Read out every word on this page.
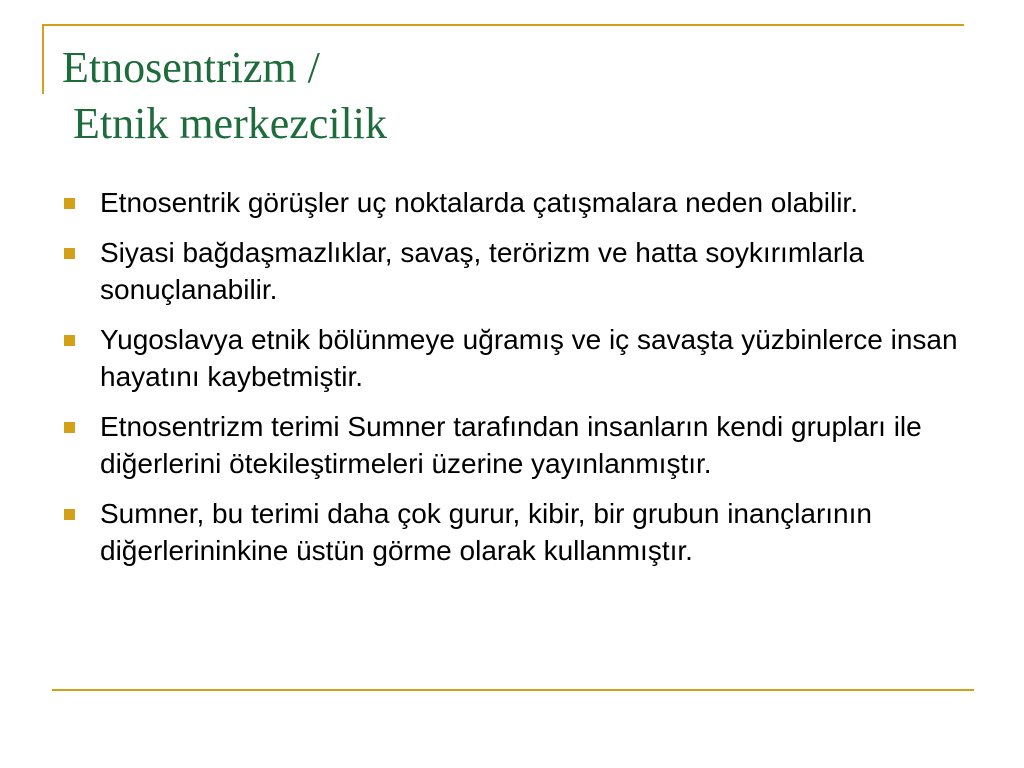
Etnosentrizm /
Etnik merkezcilik
Etnosentrik görüşler uç noktalarda çatışmalara neden olabilir.
Siyasi bağdaşmazlıklar, savaş, terörizm ve hatta soykırımlarla sonuçlanabilir.
Yugoslavya etnik bölünmeye uğramış ve iç savaşta yüzbinlerce insan hayatını kaybetmiştir.
Etnosentrizm terimi Sumner tarafından insanların kendi grupları ile diğerlerini ötekileştirmeleri üzerine yayınlanmıştır.
Sumner, bu terimi daha çok gurur, kibir, bir grubun inançlarının diğerlerininkine üstün görme olarak kullanmıştır.
